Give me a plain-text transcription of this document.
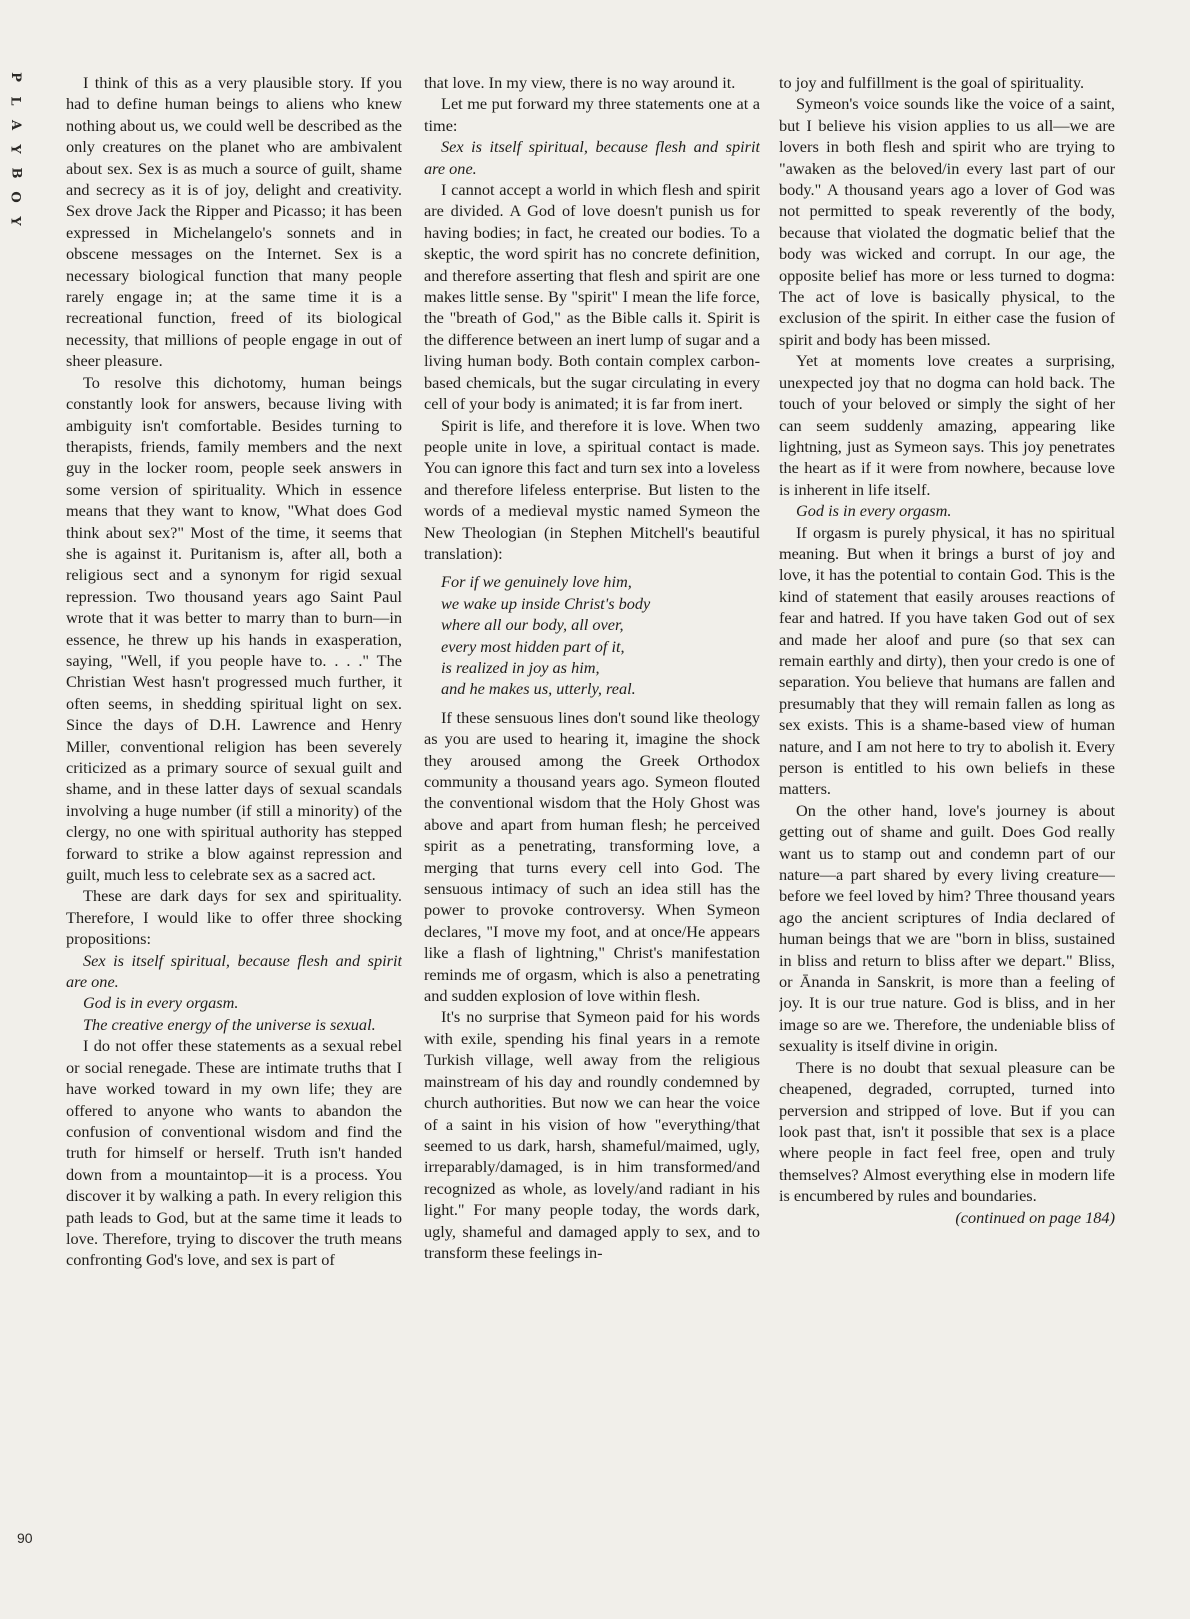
P
L
A
Y
B
O
Y
90

I think of this as a very plausible story. If you had to define human beings to aliens who knew nothing about us, we could well be described as the only creatures on the planet who are ambivalent about sex. Sex is as much a source of guilt, shame and secrecy as it is of joy, delight and creativity. Sex drove Jack the Ripper and Picasso; it has been expressed in Michelangelo's sonnets and in obscene messages on the Internet. Sex is a necessary biological function that many people rarely engage in; at the same time it is a recreational function, freed of its biological necessity, that millions of people engage in out of sheer pleasure.

To resolve this dichotomy, human beings constantly look for answers, because living with ambiguity isn't comfortable. Besides turning to therapists, friends, family members and the next guy in the locker room, people seek answers in some version of spirituality. Which in essence means that they want to know, "What does God think about sex?" Most of the time, it seems that she is against it. Puritanism is, after all, both a religious sect and a synonym for rigid sexual repression. Two thousand years ago Saint Paul wrote that it was better to marry than to burn—in essence, he threw up his hands in exasperation, saying, "Well, if you people have to. . . ." The Christian West hasn't progressed much further, it often seems, in shedding spiritual light on sex. Since the days of D.H. Lawrence and Henry Miller, conventional religion has been severely criticized as a primary source of sexual guilt and shame, and in these latter days of sexual scandals involving a huge number (if still a minority) of the clergy, no one with spiritual authority has stepped forward to strike a blow against repression and guilt, much less to celebrate sex as a sacred act.

These are dark days for sex and spirituality. Therefore, I would like to offer three shocking propositions:

Sex is itself spiritual, because flesh and spirit are one.

God is in every orgasm.

The creative energy of the universe is sexual.

I do not offer these statements as a sexual rebel or social renegade. These are intimate truths that I have worked toward in my own life; they are offered to anyone who wants to abandon the confusion of conventional wisdom and find the truth for himself or herself. Truth isn't handed down from a mountaintop—it is a process. You discover it by walking a path. In every religion this path leads to God, but at the same time it leads to love. Therefore, trying to discover the truth means confronting God's love, and sex is part of

that love. In my view, there is no way around it.

Let me put forward my three statements one at a time:

Sex is itself spiritual, because flesh and spirit are one.

I cannot accept a world in which flesh and spirit are divided. A God of love doesn't punish us for having bodies; in fact, he created our bodies. To a skeptic, the word spirit has no concrete definition, and therefore asserting that flesh and spirit are one makes little sense. By "spirit" I mean the life force, the "breath of God," as the Bible calls it. Spirit is the difference between an inert lump of sugar and a living human body. Both contain complex carbon-based chemicals, but the sugar circulating in every cell of your body is animated; it is far from inert.

Spirit is life, and therefore it is love. When two people unite in love, a spiritual contact is made. You can ignore this fact and turn sex into a loveless and therefore lifeless enterprise. But listen to the words of a medieval mystic named Symeon the New Theologian (in Stephen Mitchell's beautiful translation):

For if we genuinely love him,
we wake up inside Christ's body
where all our body, all over,
every most hidden part of it,
is realized in joy as him,
and he makes us, utterly, real.

If these sensuous lines don't sound like theology as you are used to hearing it, imagine the shock they aroused among the Greek Orthodox community a thousand years ago. Symeon flouted the conventional wisdom that the Holy Ghost was above and apart from human flesh; he perceived spirit as a penetrating, transforming love, a merging that turns every cell into God. The sensuous intimacy of such an idea still has the power to provoke controversy. When Symeon declares, "I move my foot, and at once/He appears like a flash of lightning," Christ's manifestation reminds me of orgasm, which is also a penetrating and sudden explosion of love within flesh.

It's no surprise that Symeon paid for his words with exile, spending his final years in a remote Turkish village, well away from the religious mainstream of his day and roundly condemned by church authorities. But now we can hear the voice of a saint in his vision of how "everything/that seemed to us dark, harsh, shameful/maimed, ugly, irreparably/damaged, is in him transformed/and recognized as whole, as lovely/and radiant in his light." For many people today, the words dark, ugly, shameful and damaged apply to sex, and to transform these feelings in-

to joy and fulfillment is the goal of spirituality.

Symeon's voice sounds like the voice of a saint, but I believe his vision applies to us all—we are lovers in both flesh and spirit who are trying to "awaken as the beloved/in every last part of our body." A thousand years ago a lover of God was not permitted to speak reverently of the body, because that violated the dogmatic belief that the body was wicked and corrupt. In our age, the opposite belief has more or less turned to dogma: The act of love is basically physical, to the exclusion of the spirit. In either case the fusion of spirit and body has been missed.

Yet at moments love creates a surprising, unexpected joy that no dogma can hold back. The touch of your beloved or simply the sight of her can seem suddenly amazing, appearing like lightning, just as Symeon says. This joy penetrates the heart as if it were from nowhere, because love is inherent in life itself.

God is in every orgasm.

If orgasm is purely physical, it has no spiritual meaning. But when it brings a burst of joy and love, it has the potential to contain God. This is the kind of statement that easily arouses reactions of fear and hatred. If you have taken God out of sex and made her aloof and pure (so that sex can remain earthly and dirty), then your credo is one of separation. You believe that humans are fallen and presumably that they will remain fallen as long as sex exists. This is a shame-based view of human nature, and I am not here to try to abolish it. Every person is entitled to his own beliefs in these matters.

On the other hand, love's journey is about getting out of shame and guilt. Does God really want us to stamp out and condemn part of our nature—a part shared by every living creature—before we feel loved by him? Three thousand years ago the ancient scriptures of India declared of human beings that we are "born in bliss, sustained in bliss and return to bliss after we depart." Bliss, or Ānanda in Sanskrit, is more than a feeling of joy. It is our true nature. God is bliss, and in her image so are we. Therefore, the undeniable bliss of sexuality is itself divine in origin.

There is no doubt that sexual pleasure can be cheapened, degraded, corrupted, turned into perversion and stripped of love. But if you can look past that, isn't it possible that sex is a place where people in fact feel free, open and truly themselves? Almost everything else in modern life is encumbered by rules and boundaries.

(continued on page 184)
